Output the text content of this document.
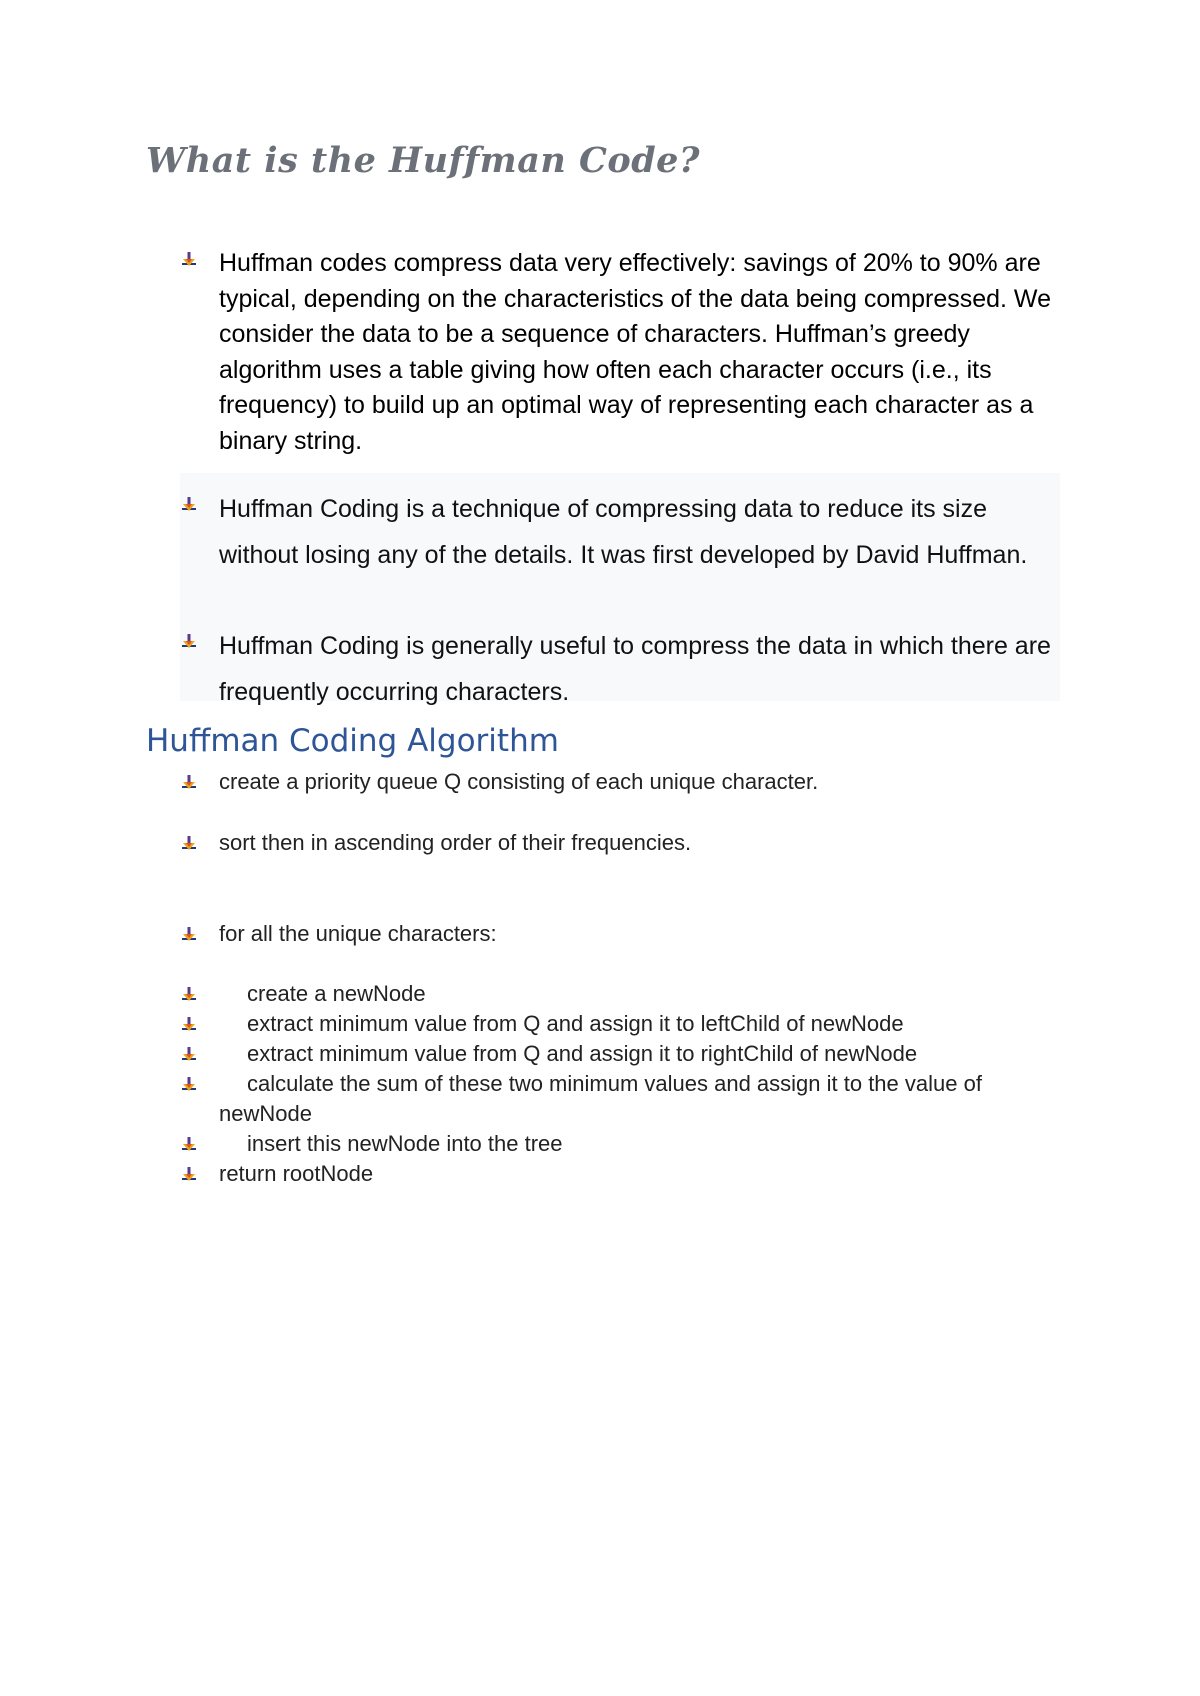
What is the Huffman Code?

Huffman codes compress data very effectively: savings of 20% to 90% are typical, depending on the characteristics of the data being compressed. We consider the data to be a sequence of characters. Huffman’s greedy algorithm uses a table giving how often each character occurs (i.e., its frequency) to build up an optimal way of representing each character as a binary string.

Huffman Coding is a technique of compressing data to reduce its size without losing any of the details. It was first developed by David Huffman.

Huffman Coding is generally useful to compress the data in which there are frequently occurring characters.

Huffman Coding Algorithm

create a priority queue Q consisting of each unique character.

sort then in ascending order of their frequencies.

for all the unique characters:

create a newNode

extract minimum value from Q and assign it to leftChild of newNode

extract minimum value from Q and assign it to rightChild of newNode

calculate the sum of these two minimum values and assign it to the value of newNode

insert this newNode into the tree

return rootNode
